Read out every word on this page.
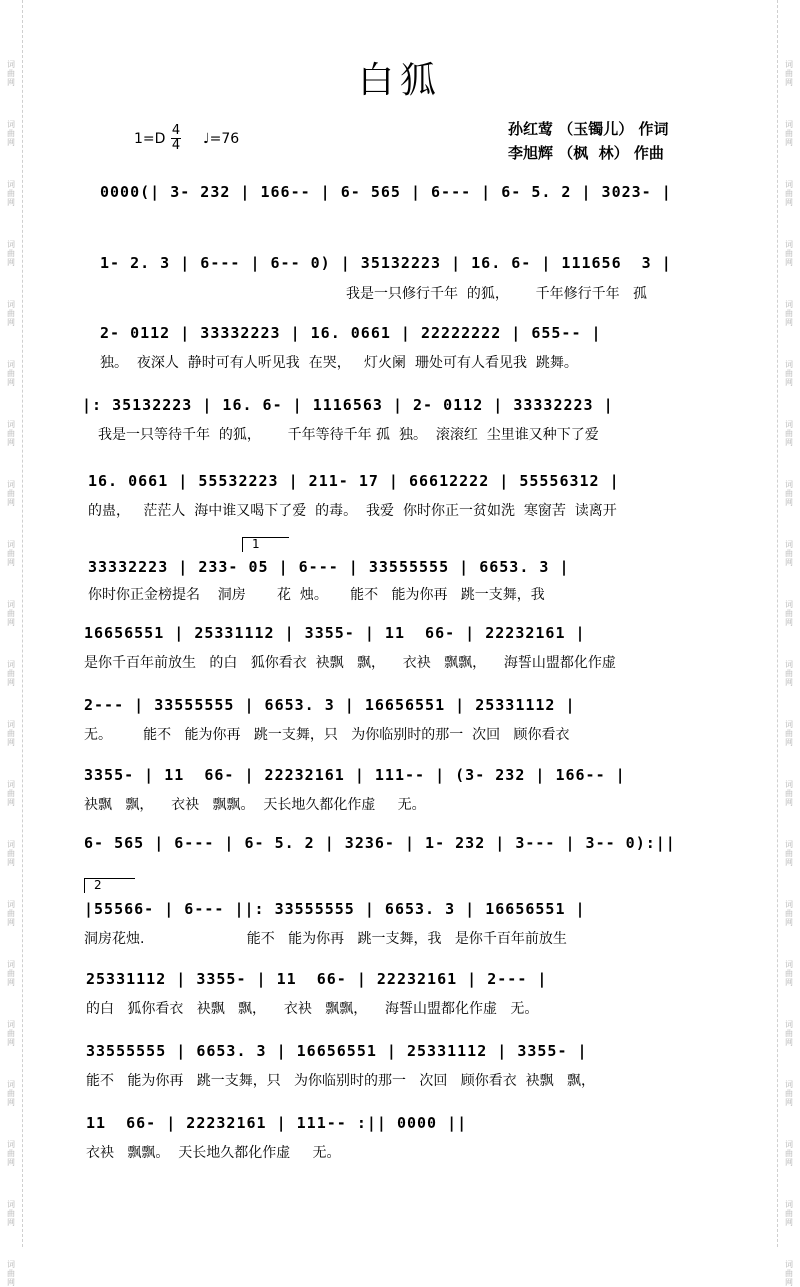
词
曲
网
词
曲
网
词
曲
网
词
曲
网
词
曲
网
词
曲
网
词
曲
网
词
曲
网
词
曲
网
词
曲
网
词
曲
网
词
曲
网
词
曲
网
词
曲
网
词
曲
网
词
曲
网
词
曲
网
词
曲
网
词
曲
网
词
曲
网
词
曲
网
词
曲
网
词
曲
网
词
曲
网
词
曲
网
词
曲
网
词
曲
网
词
曲
网
词
曲
网
词
曲
网
词
曲
网
词
曲
网
词
曲
网
词
曲
网
词
曲
网
词
曲
网
词
曲
网
词
曲
网
词
曲
网
词
曲
网
词
曲
网
词
曲
网
白狐
1=D
4
4 ♩=76
孙红莺 （玉镯儿） 作词
李旭辉 （枫  林） 作曲
0000(| 3- 232 | 166-- | 6- 565 | 6--- | 6- 5. 2 | 3023- |
1- 2. 3 | 6--- | 6-- 0) | 35132223 | 16. 6- | 111656  3 |
我是一只修行千年  的狐，      千年修行千年   孤
2- 0112 | 33332223 | 16. 0661 | 22222222 | 655-- |
独。  夜深人  静时可有人听见我  在哭，   灯火阑  珊处可有人看见我  跳舞。
|: 35132223 | 16. 6- | 1116563 | 2- 0112 | 33332223 |
我是一只等待千年  的狐，      千年等待千年 孤  独。  滚滚红  尘里谁又种下了爱
16. 0661 | 55532223 | 211- 17 | 66612222 | 55556312 |
的蛊，   茫茫人  海中谁又喝下了爱  的毒。  我爱  你时你正一贫如洗  寒窗苦  读离开
1
33332223 | 233- 05 | 6--- | 33555555 | 6653. 3 |
你时你正金榜提名    洞房       花  烛。     能不   能为你再   跳一支舞，我
16656551 | 25331112 | 3355- | 11  66- | 22232161 |
是你千百年前放生   的白   狐你看衣  袂飘   飘，    衣袂   飘飘，    海誓山盟都化作虚
2--- | 33555555 | 6653. 3 | 16656551 | 25331112 |
无。       能不   能为你再   跳一支舞，只   为你临别时的那一  次回   顾你看衣
3355- | 11  66- | 22232161 | 111-- | (3- 232 | 166-- |
袂飘   飘，    衣袂   飘飘。  天长地久都化作虚     无。
6- 565 | 6--- | 6- 5. 2 | 3236- | 1- 232 | 3--- | 3-- 0):||
2
|55566- | 6--- ||: 33555555 | 6653. 3 | 16656551 |
洞房花烛.                       能不   能为你再   跳一支舞，我   是你千百年前放生
25331112 | 3355- | 11  66- | 22232161 | 2--- |
的白   狐你看衣   袂飘   飘，    衣袂   飘飘，    海誓山盟都化作虚   无。
33555555 | 6653. 3 | 16656551 | 25331112 | 3355- |
能不   能为你再   跳一支舞，只   为你临别时的那一   次回   顾你看衣  袂飘   飘，
11  66- | 22232161 | 111-- :|| 0000 ||
衣袂   飘飘。  天长地久都化作虚     无。
